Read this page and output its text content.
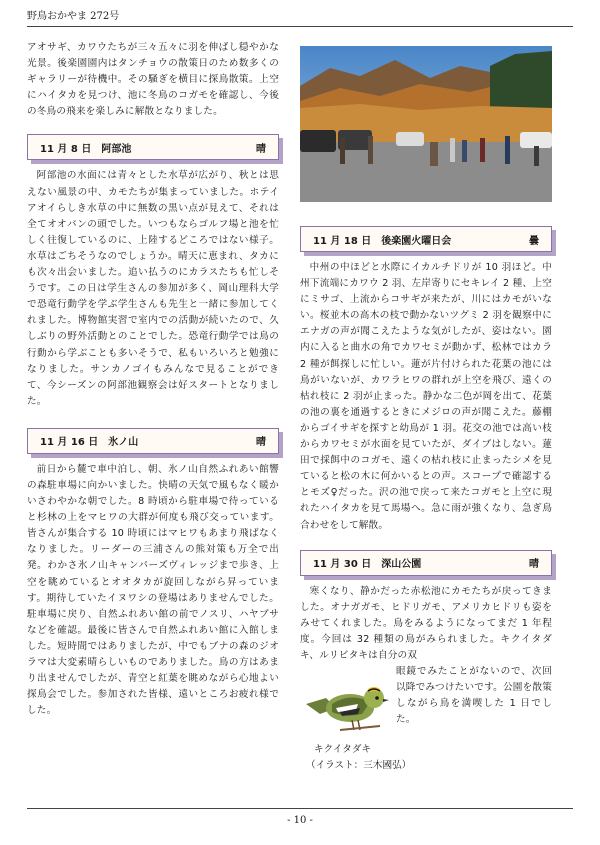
野鳥おかやま 272号

アオサギ、カワウたちが三々五々に羽を伸ばし穏やかな光景。後楽園園内はタンチョウの散策日のため数多くのギャラリーが待機中。その騒ぎを横目に探鳥散策。上空にハイタカを見つけ、池に冬鳥のコガモを確認し、今後の冬鳥の飛来を楽しみに解散となりました。

11 月 8 日 阿部池	晴

阿部池の水面には青々とした水草が広がり、秋とは思えない風景の中、カモたちが集まっていました。ホテイアオイらしき水草の中に無数の黒い点が見えて、それは全てオオバンの頭でした。いつもならゴルフ場と池を忙しく往復しているのに、上陸するどころではない様子。水草はごちそうなのでしょうか。晴天に恵まれ、タカにも次々出会いました。追い払うのにカラスたちも忙しそうです。この日は学生さんの参加が多く、岡山理科大学で恐竜行動学を学ぶ学生さんも先生と一緒に参加してくれました。博物館実習で室内での活動が続いたので、久しぶりの野外活動とのことでした。恐竜行動学では鳥の行動から学ぶことも多いそうで、私もいろいろと勉強になりました。サンカノゴイもみんなで見ることができて、今シーズンの阿部池観察会は好スタートとなりました。

11 月 16 日 氷ノ山	晴

前日から麓で車中泊し、朝、氷ノ山自然ふれあい館響の森駐車場に向かいました。快晴の天気で風もなく暖かいさわやかな朝でした。8 時頃から駐車場で待っていると杉林の上をマヒワの大群が何度も飛び交っています。皆さんが集合する 10 時頃にはマヒワもあまり飛ばなくなりました。リーダーの三浦さんの熊対策も万全で出発。わかさ氷ノ山キャンパーズヴィレッジまで歩き、上空を眺めているとオオタカが旋回しながら昇っています。期待していたイヌワシの登場はありませんでした。駐車場に戻り、自然ふれあい館の前でノスリ、ハヤブサなどを確認。最後に皆さんで自然ふれあい館に入館しました。短時間ではありましたが、中でもブナの森のジオラマは大変素晴らしいものでありました。鳥の方はあまり出ませんでしたが、青空と紅葉を眺めながら心地よい探鳥会でした。参加された皆様、遠いところお疲れ様でした。

11 月 18 日 後楽園火曜日会	曇

中州の中ほどと水際にイカルチドリが 10 羽ほど。中州下流端にカワウ 2 羽、左岸寄りにセキレイ 2 種、上空にミサゴ、上流からコサギが来たが、川にはカモがいない。桜並木の高木の枝で動かないツグミ 2 羽を観察中にエナガの声が聞こえたような気がしたが、姿はない。園内に入ると曲水の角でカワセミが動かず、松林ではカラ 2 種が餌探しに忙しい。蓮が片付けられた花葉の池には鳥がいないが、カワラヒワの群れが上空を飛び、遠くの枯れ枝に 2 羽が止まった。静かな二色が岡を出て、花葉の池の裏を通過するときにメジロの声が聞こえた。藤棚からゴイサギを探すと幼鳥が 1 羽。花交の池では高い枝からカワセミが水面を見ていたが、ダイブはしない。蓮田で採餌中のコガモ、遠くの枯れ枝に止まったシメを見ていると松の木に何かいるとの声。スコープで確認するとモズ♀だった。沢の池で戻って来たコガモと上空に現れたハイタカを見て馬場へ。急に雨が強くなり、急ぎ鳥合わせをして解散。

11 月 30 日 深山公園	晴

寒くなり、静かだった赤松池にカモたちが戻ってきました。オナガガモ、ヒドリガモ、アメリカヒドリも姿をみせてくれました。鳥をみるようになってまだ 1 年程度。今回は 32 種類の鳥がみられました。キクイタダキ、ルリビタキは自分の双

眼鏡でみたことがないので、次回以降でみつけたいです。公園を散策しながら鳥を満喫した 1 日でした。

キクイタダキ
（イラスト：三木國弘）
- 10 -
